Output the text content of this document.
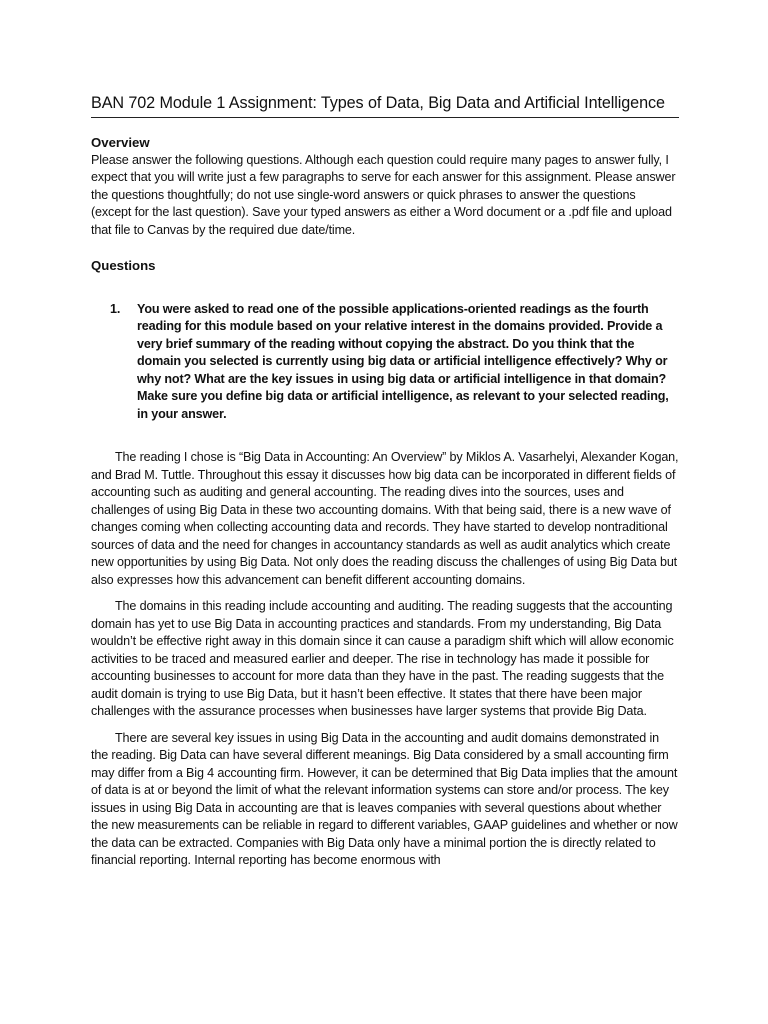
BAN 702 Module 1 Assignment: Types of Data, Big Data and Artificial Intelligence
Overview

Please answer the following questions. Although each question could require many pages to answer fully, I expect that you will write just a few paragraphs to serve for each answer for this assignment. Please answer the questions thoughtfully; do not use single-word answers or quick phrases to answer the questions (except for the last question). Save your typed answers as either a Word document or a .pdf file and upload that file to Canvas by the required due date/time.

Questions
1.	You were asked to read one of the possible applications-oriented readings as the fourth reading for this module based on your relative interest in the domains provided. Provide a very brief summary of the reading without copying the abstract. Do you think that the domain you selected is currently using big data or artificial intelligence effectively? Why or why not? What are the key issues in using big data or artificial intelligence in that domain? Make sure you define big data or artificial intelligence, as relevant to your selected reading, in your answer.

The reading I chose is “Big Data in Accounting: An Overview” by Miklos A. Vasarhelyi, Alexander Kogan, and Brad M. Tuttle. Throughout this essay it discusses how big data can be incorporated in different fields of accounting such as auditing and general accounting. The reading dives into the sources, uses and challenges of using Big Data in these two accounting domains. With that being said, there is a new wave of changes coming when collecting accounting data and records. They have started to develop nontraditional sources of data and the need for changes in accountancy standards as well as audit analytics which create new opportunities by using Big Data. Not only does the reading discuss the challenges of using Big Data but also expresses how this advancement can benefit different accounting domains.

The domains in this reading include accounting and auditing. The reading suggests that the accounting domain has yet to use Big Data in accounting practices and standards. From my understanding, Big Data wouldn’t be effective right away in this domain since it can cause a paradigm shift which will allow economic activities to be traced and measured earlier and deeper. The rise in technology has made it possible for accounting businesses to account for more data than they have in the past. The reading suggests that the audit domain is trying to use Big Data, but it hasn’t been effective. It states that there have been major challenges with the assurance processes when businesses have larger systems that provide Big Data.

There are several key issues in using Big Data in the accounting and audit domains demonstrated in the reading. Big Data can have several different meanings. Big Data considered by a small accounting firm may differ from a Big 4 accounting firm. However, it can be determined that Big Data implies that the amount of data is at or beyond the limit of what the relevant information systems can store and/or process. The key issues in using Big Data in accounting are that is leaves companies with several questions about whether the new measurements can be reliable in regard to different variables, GAAP guidelines and whether or now the data can be extracted. Companies with Big Data only have a minimal portion the is directly related to financial reporting. Internal reporting has become enormous with
